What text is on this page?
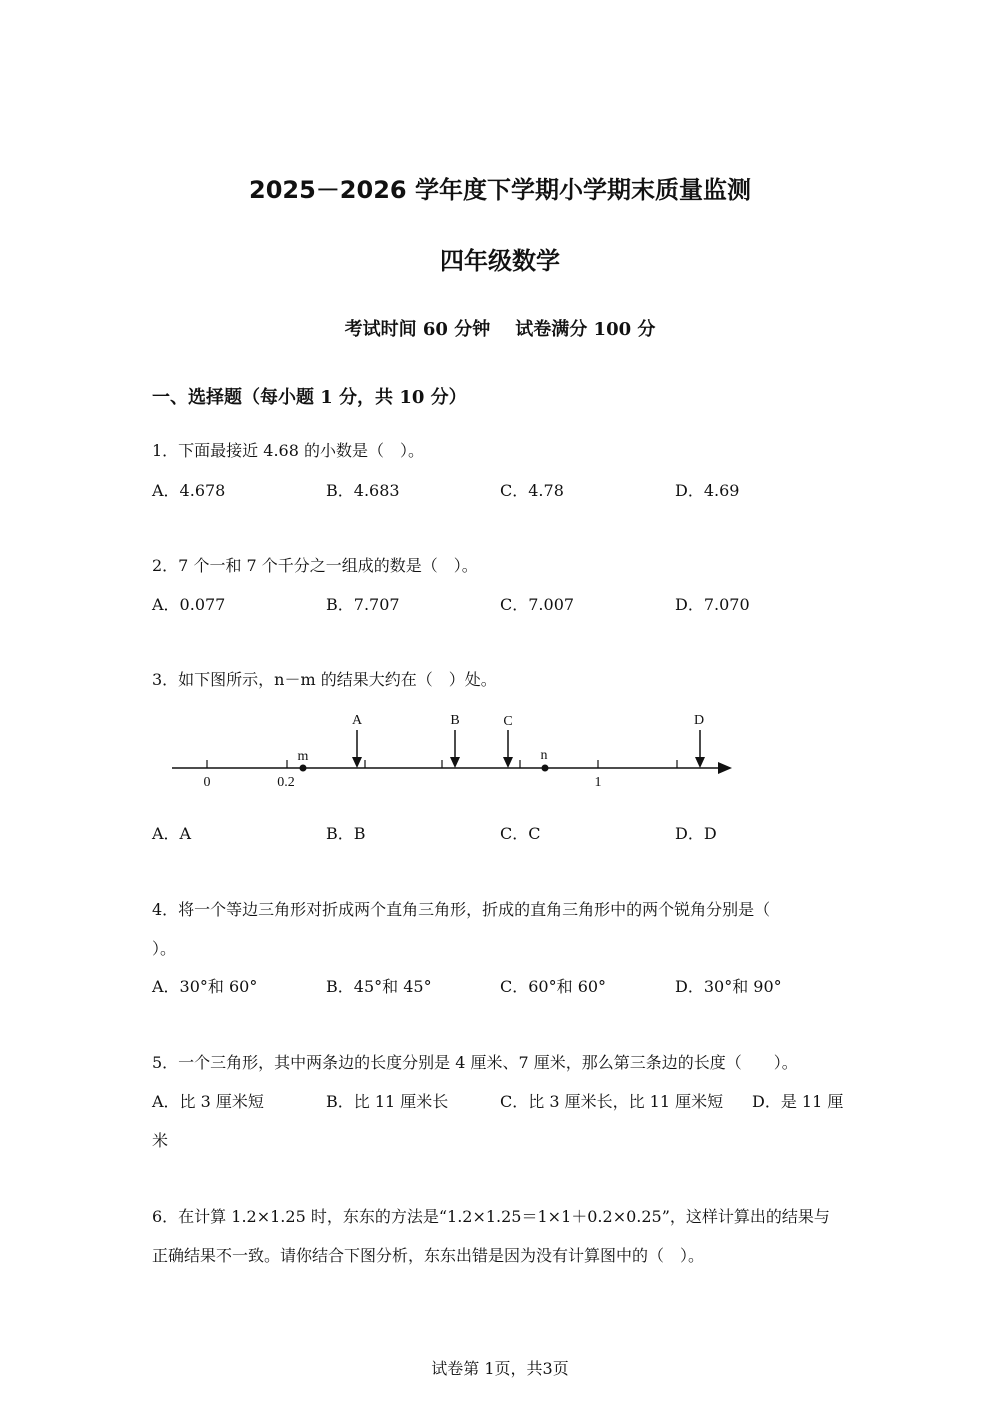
2025－2026 学年度下学期小学期末质量监测
四年级数学
考试时间 60 分钟 试卷满分 100 分
一、选择题（每小题 1 分，共 10 分）
1．下面最接近 4.68 的小数是（　）。
A．4.678	B．4.683	C．4.78	D．4.69
2．7 个一和 7 个千分之一组成的数是（　）。
A．0.077	B．7.707	C．7.007	D．7.070
3．如下图所示，n－m 的结果大约在（　）处。
0	0.2	1
m	n
A	B	C	D
A．A	B．B	C．C	D．D
4．将一个等边三角形对折成两个直角三角形，折成的直角三角形中的两个锐角分别是（
）。
A．30°和 60°	B．45°和 45°	C．60°和 60°	D．30°和 90°
5．一个三角形，其中两条边的长度分别是 4 厘米、7 厘米，那么第三条边的长度（　　）。
A．比 3 厘米短	B．比 11 厘米长	C．比 3 厘米长，比 11 厘米短 D．是 11 厘
米
6．在计算 1.2×1.25 时，东东的方法是“1.2×1.25＝1×1＋0.2×0.25”，这样计算出的结果与
正确结果不一致。请你结合下图分析，东东出错是因为没有计算图中的（　）。
试卷第 1页，共3页
